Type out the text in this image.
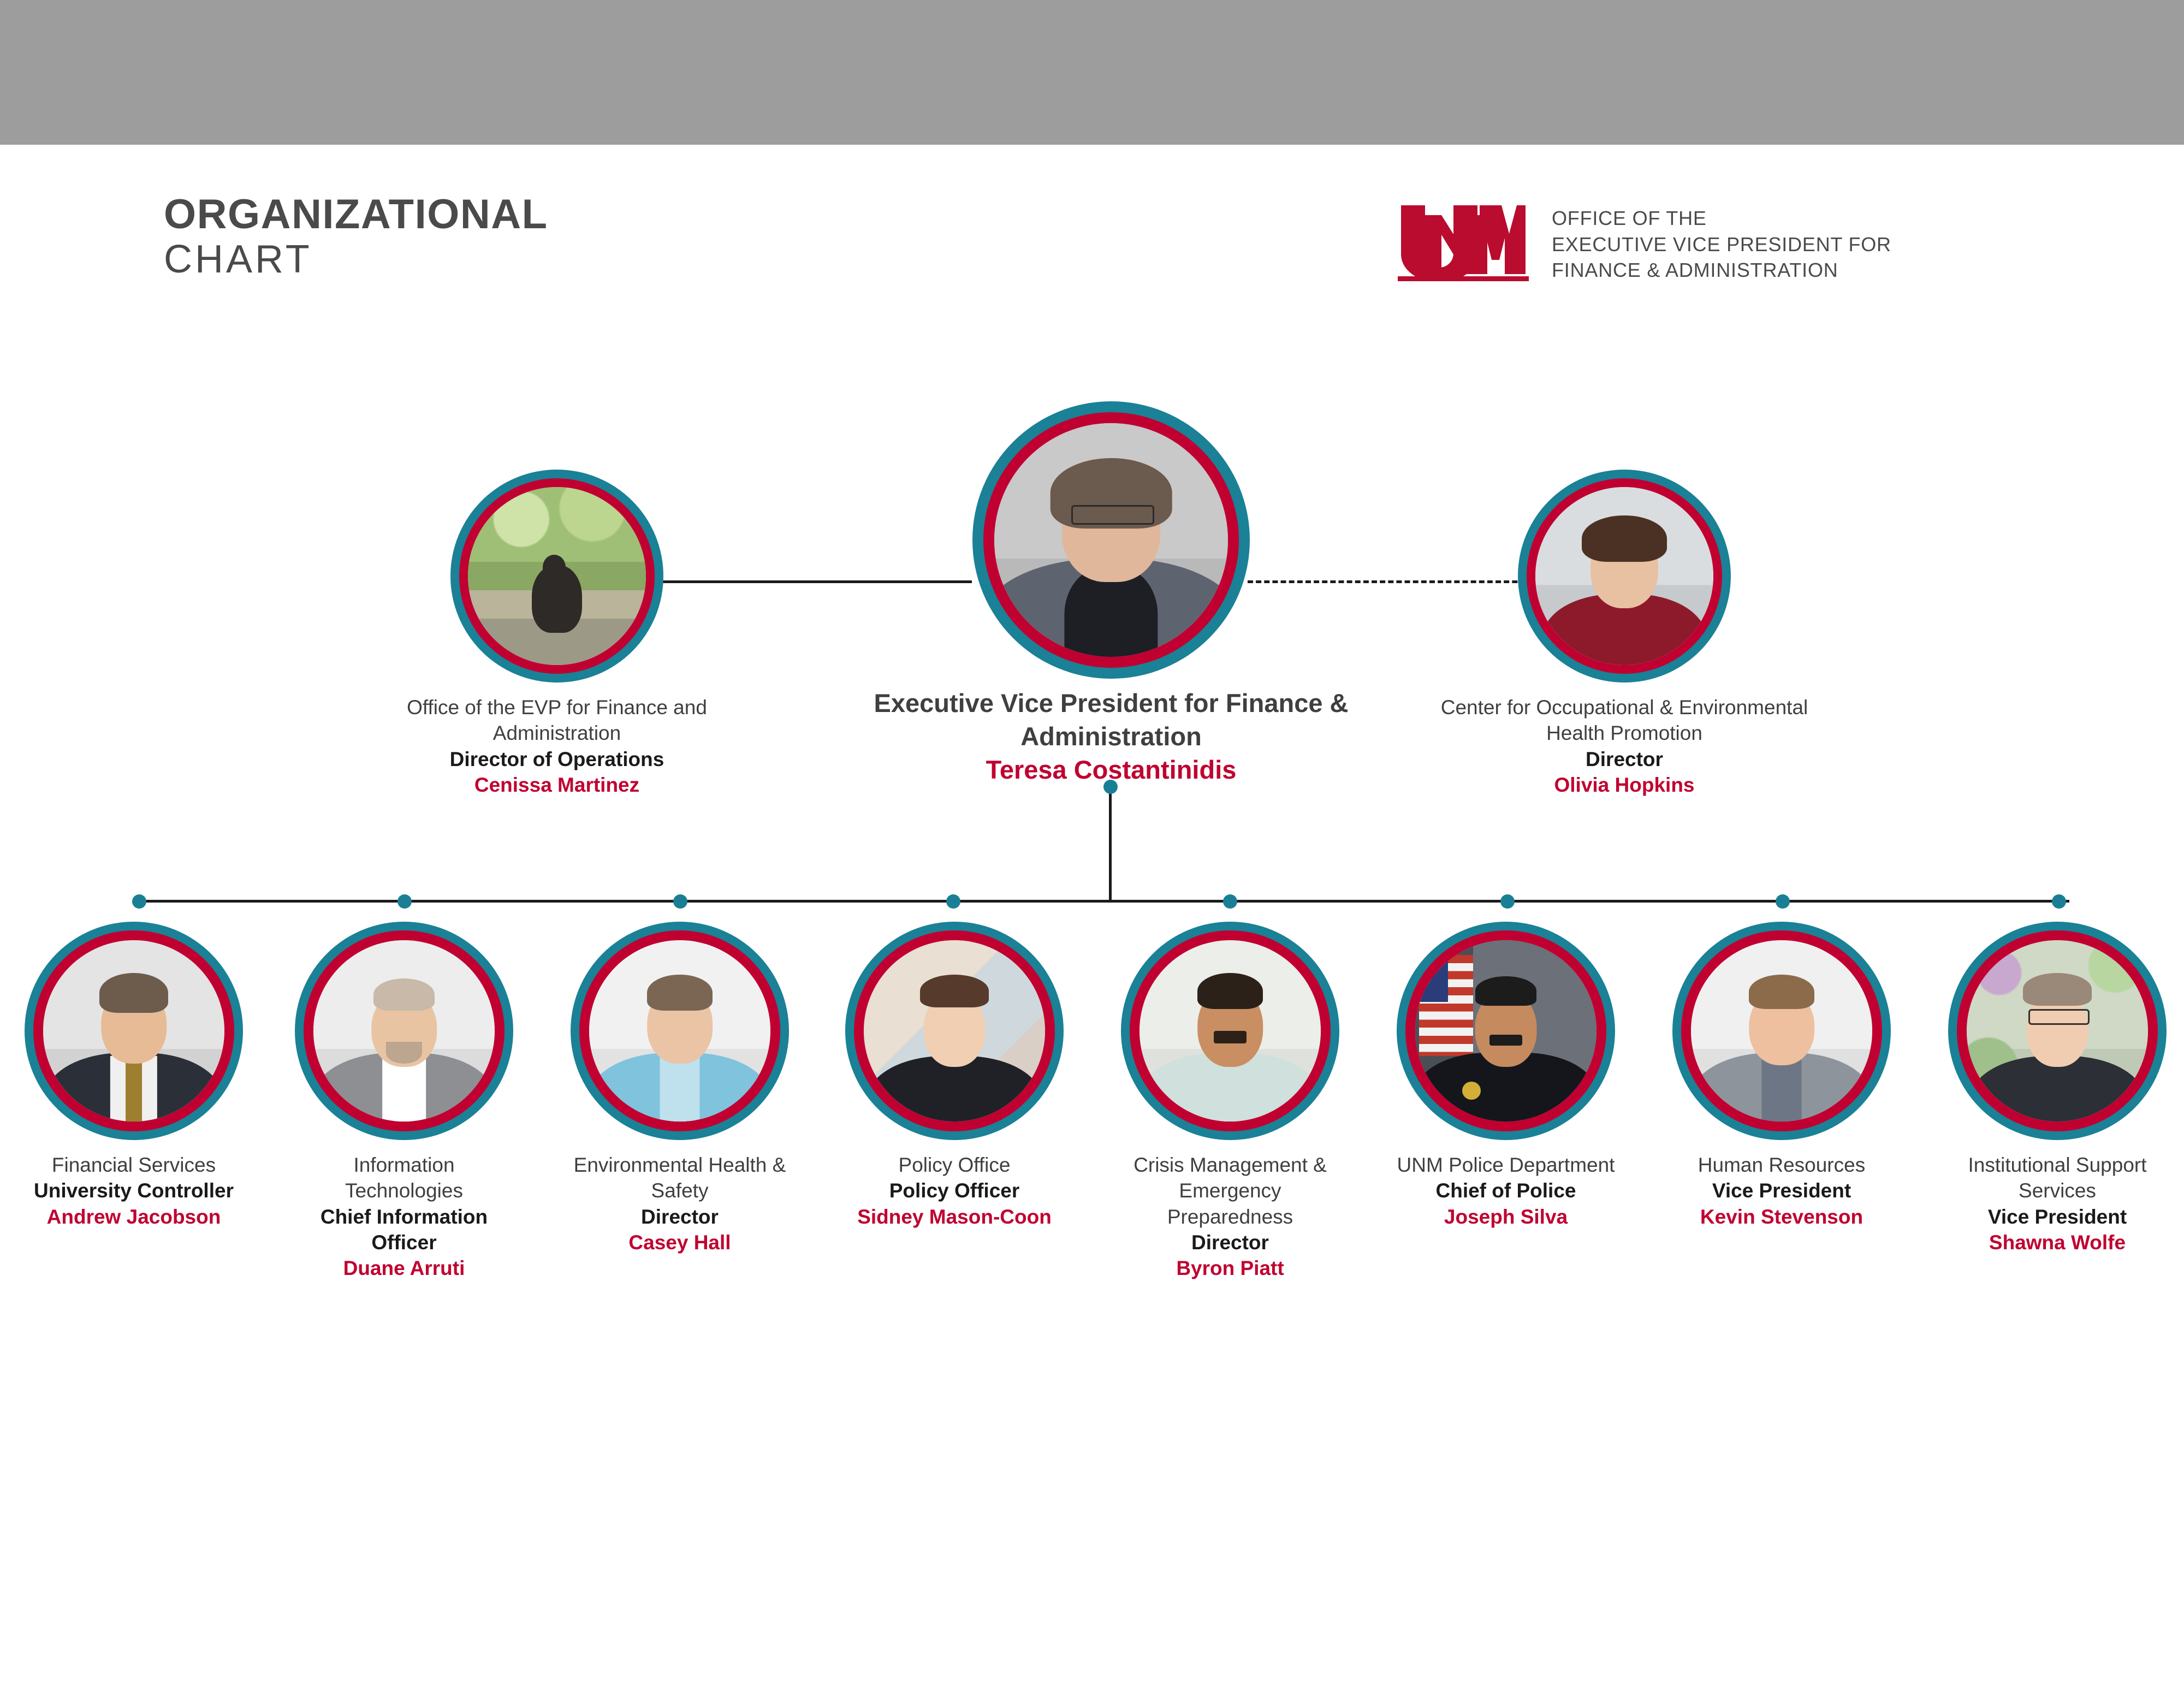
ORGANIZATIONAL
CHART
OFFICE OF THE
EXECUTIVE VICE PRESIDENT FOR
FINANCE & ADMINISTRATION
Office of the EVP for Finance and Administration
Director of Operations
Cenissa Martinez
Executive Vice President for Finance & Administration
Teresa Costantinidis
Center for Occupational & Environmental Health Promotion
Director
Olivia Hopkins
Financial Services
University Controller
Andrew Jacobson
Information Technologies
Chief Information Officer
Duane Arruti
Environmental Health & Safety
Director
Casey Hall
Policy Office
Policy Officer
Sidney Mason-Coon
Crisis Management & Emergency Preparedness
Director
Byron Piatt
UNM Police Department
Chief of Police
Joseph Silva
Human Resources
Vice President
Kevin Stevenson
Institutional Support Services
Vice President
Shawna Wolfe
